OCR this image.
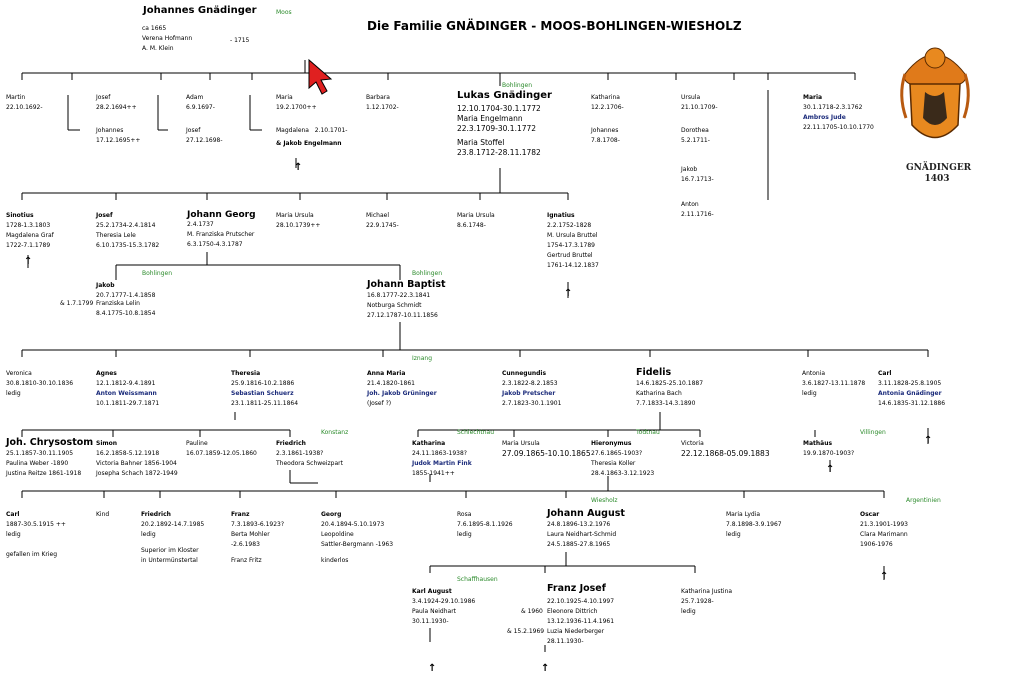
Die Familie GNÄDINGER - MOOS-BOHLINGEN-WIESHOLZ
GNÄDINGER
1403
Johannes Gnädinger	Moos
ca 1665
Verena Hofmann
A. M. Klein
- 1715
Martin
22.10.1692-
Josef
28.2.1694++
Johannes
17.12.1695++
Adam
6.9.1697-
Josef
27.12.1698-
Maria
19.2.1700++
Magdalena 2.10.1701-
& Jakob Engelmann
↑
Barbara
1.12.1702-
Bohlingen
Lukas Gnädinger
12.10.1704-30.1.1772
Maria Engelmann
22.3.1709-30.1.1772
Maria Stoffel
23.8.1712-28.11.1782
Katharina
12.2.1706-
Johannes
7.8.1708-
Ursula
21.10.1709-
Dorothea
5.2.1711-
Jakob
16.7.1713-
Anton
2.11.1716-
Maria
30.1.1718-2.3.1762
Ambros Jude
22.11.1705-10.10.1770
Sinotius
1728-1.3.1803
Magdalena Graf
1722-7.1.1789
↑
Josef
25.2.1734-2.4.1814
Theresia Lele
6.10.1735-15.3.1782
Johann Georg
2.4.1737
M. Franziska Prutscher
6.3.1750-4.3.1787
Maria Ursula
28.10.1739++
Michael
22.9.1745-
Maria Ursula
8.6.1748-
Ignatius
2.2.1752-1828
M. Ursula Bruttel
1754-17.3.1789
Gertrud Bruttel
1761-14.12.1837
↑
Bohlingen
Jakob
20.7.1777-1.4.1858
& 1.7.1799 Franziska Lelin
8.4.1775-10.8.1854
Bohlingen
Johann Baptist
16.8.1777-22.3.1841
Notburga Schmidt
27.12.1787-10.11.1856
Iznang
Veronica
30.8.1810-30.10.1836
ledig
Agnes
12.1.1812-9.4.1891
Anton Weissmann
10.1.1811-29.7.1871
Theresia
25.9.1816-10.2.1886
Sebastian Schuerz
23.1.1811-25.11.1864
Anna Maria
21.4.1820-1861
Joh. Jakob Grüninger
(Josef ?)
Cunnegundis
2.3.1822-8.2.1853
Jakob Pretscher
2.7.1823-30.1.1901
Fidelis
14.6.1825-25.10.1887
Katharina Bach
7.7.1833-14.3.1890
Antonia
3.6.1827-13.11.1878
ledig
Carl
3.11.1828-25.8.1905
Antonia Gnädinger
14.6.1835-31.12.1886
↑
Joh. Chrysostom
25.1.1857-30.11.1905
Paulina Weber -1890
Justina Reitze 1861-1918
Simon
16.2.1858-5.12.1918
Victoria Bahner 1856-1904
Josepha Schach 1872-1949
Pauline
16.07.1859-12.05.1860
Konstanz
Friedrich
2.3.1861-1938?
Theodora Schweizpart
Schlechtnau
Katharina
24.11.1863-1938?
Judok Martin Fink
1855-1941++
Maria Ursula
27.09.1865-10.10.1865
Todtnau
Hieronymus
27.6.1865-1903?
Theresia Koller
28.4.1863-3.12.1923
Victoria
22.12.1868-05.09.1883
Villingen
Mathäus
19.9.1870-1903?
↑
Carl
1887-30.5.1915 ++
ledig
gefallen im Krieg
Kind	Friedrich
20.2.1892-14.7.1985
ledig
Superior im Kloster
in Untermünstertal
Franz
7.3.1893-6.1923?
Berta Mohler
-2.6.1983
Franz Fritz
Georg
20.4.1894-5.10.1973
Leopoldine
Sattler-Bergmann -1963
kinderlos
Rosa
7.6.1895-8.1.1926
ledig
Wiesholz
Johann August
24.8.1896-13.2.1976
Laura Neidhart-Schmid
24.5.1885-27.8.1965
Maria Lydia
7.8.1898-3.9.1967
ledig
Argentinien
Oscar
21.3.1901-1993
Clara Marimann
1906-1976
↑
Schaffhausen
Karl August
3.4.1924-29.10.1986
Paula Neidhart
30.11.1930-
↑
Franz Josef
22.10.1925-4.10.1997
& 1960 Eleonore Dittrich
13.12.1936-11.4.1961
& 15.2.1969 Luzia Niederberger
28.11.1930-
↑
Katharina Justina
25.7.1928-
ledig
